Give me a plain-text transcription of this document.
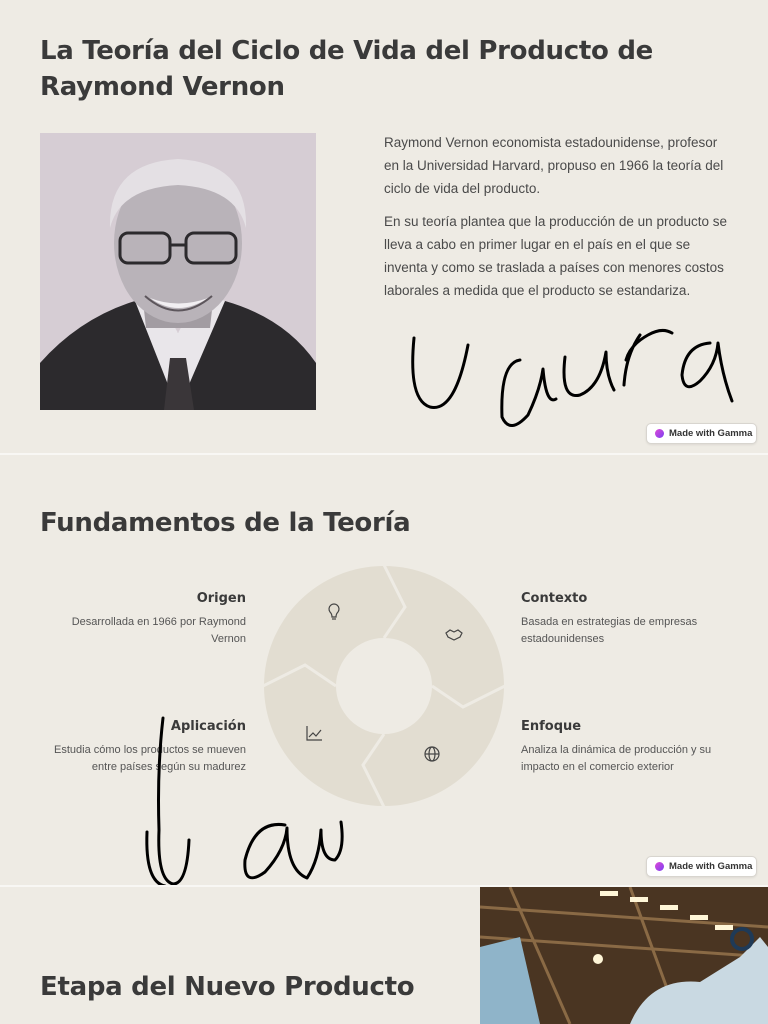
La Teoría del Ciclo de Vida del Producto de Raymond Vernon

Raymond Vernon economista estadounidense, profesor en la Universidad Harvard, propuso en 1966 la teoría del ciclo de vida del producto.

En su teoría plantea que la producción de un producto se lleva a cabo en primer lugar en el país en el que se inventa y como se traslada a países con menores costos laborales a medida que el producto se estandariza.

Made with Gamma
Fundamentos de la Teoría
Origen
Desarrollada en 1966 por Raymond Vernon
Contexto
Basada en estrategias de empresas estadounidenses
Aplicación
Estudia cómo los productos se mueven entre países según su madurez
Enfoque
Analiza la dinámica de producción y su impacto en el comercio exterior
Made with Gamma
Etapa del Nuevo Producto
